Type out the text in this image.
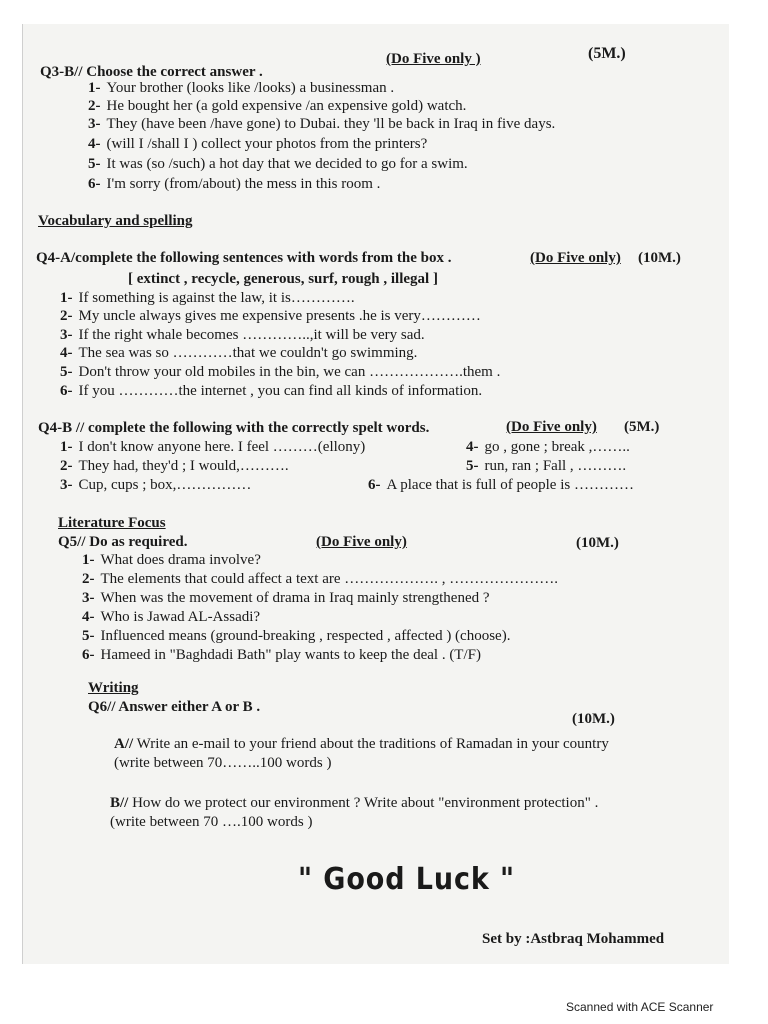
Q3-B// Choose the correct answer .
(Do Five only )	(5M.)
1- Your brother (looks like /looks) a businessman .
2- He bought her (a gold expensive /an expensive gold) watch.
3- They (have been /have gone) to Dubai. they 'll be back in Iraq in five days.
4- (will I /shall I ) collect your photos from the printers?
5- It was (so /such) a hot day that we decided to go for a swim.
6- I'm sorry (from/about) the mess in this room .
Vocabulary and spelling
Q4-A/complete the following sentences with words from the box .	(Do Five only) (10M.)
[ extinct , recycle, generous, surf, rough , illegal ]
1- If something is against the law, it is………….
2- My uncle always gives me expensive presents .he is very…………
3- If the right whale becomes …………..,it will be very sad.
4- The sea was so …………that we couldn't go swimming.
5- Don't throw your old mobiles in the bin, we can ……………….them .
6- If you …………the internet , you can find all kinds of information.
Q4-B // complete the following with the correctly spelt words.	(Do Five only) (5M.)
1- I don't know anyone here. I feel ………(ellony)	4- go , gone ; break ,……..
2- They had, they'd ; I would,……….	5- run, ran ; Fall , ……….
3- Cup, cups ; box,……………	6- A place that is full of people is …………
Literature Focus
Q5// Do as required.	(Do Five only)	(10M.)
1- What does drama involve?
2- The elements that could affect a text are ………………. , ………………….
3- When was the movement of drama in Iraq mainly strengthened ?
4- Who is Jawad AL-Assadi?
5- Influenced means (ground-breaking , respected , affected ) (choose).
6- Hameed in "Baghdadi Bath" play wants to keep the deal . (T/F)
Writing
Q6// Answer either A or B .
(10M.)
A// Write an e-mail to your friend about the traditions of Ramadan in your country
(write between 70……..100 words )
B// How do we protect our environment ? Write about "environment protection" .
(write between 70 ….100 words )
" Good Luck "
Set by :Astbraq Mohammed
Scanned with ACE Scanner
